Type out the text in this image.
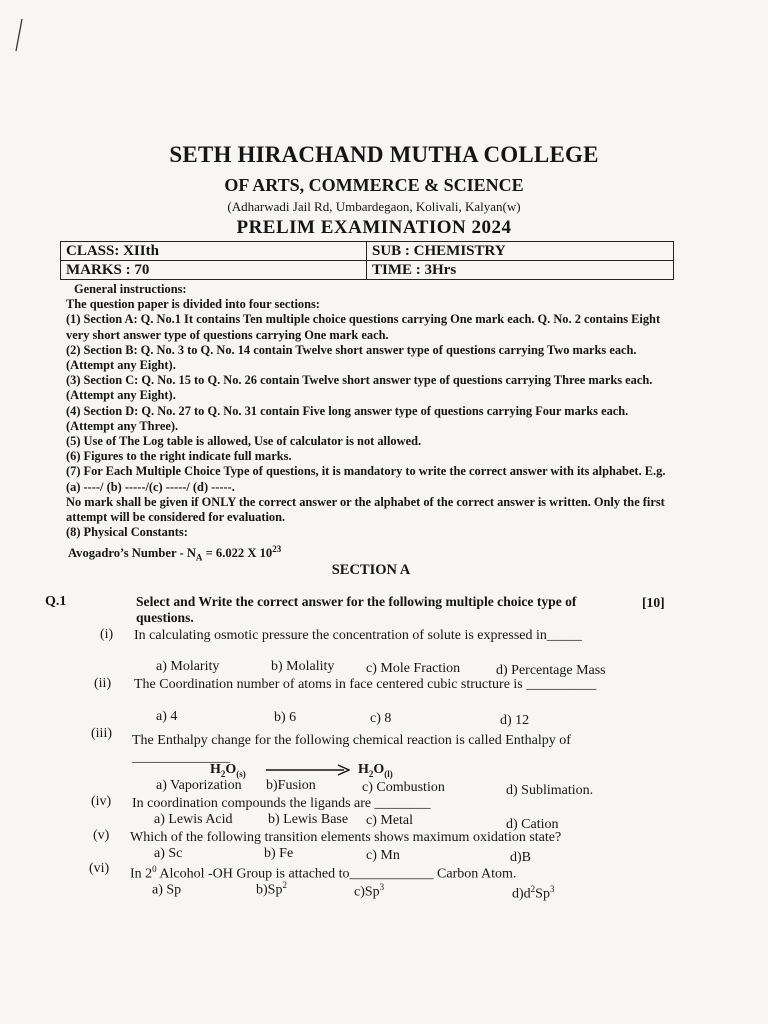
SETH HIRACHAND MUTHA COLLEGE
OF ARTS, COMMERCE & SCIENCE
(Adharwadi Jail Rd, Umbardegaon, Kolivali, Kalyan(w)
PRELIM EXAMINATION 2024
CLASS: XIIth	SUB : CHEMISTRY
MARKS : 70	TIME : 3Hrs

General instructions:

The question paper is divided into four sections:

(1) Section A: Q. No.1 It contains Ten multiple choice questions carrying One mark each. Q. No. 2 contains Eight very short answer type of questions carrying One mark each.

(2) Section B: Q. No. 3 to Q. No. 14 contain Twelve short answer type of questions carrying Two marks each. (Attempt any Eight).

(3) Section C: Q. No. 15 to Q. No. 26 contain Twelve short answer type of questions carrying Three marks each. (Attempt any Eight).

(4) Section D: Q. No. 27 to Q. No. 31 contain Five long answer type of questions carrying Four marks each. (Attempt any Three).

(5) Use of The Log table is allowed, Use of calculator is not allowed.

(6) Figures to the right indicate full marks.

(7) For Each Multiple Choice Type of questions, it is mandatory to write the correct answer with its alphabet. E.g. (a) ----/ (b) -----/(c) -----/ (d) -----.

No mark shall be given if ONLY the correct answer or the alphabet of the correct answer is written. Only the first attempt will be considered for evaluation.

(8) Physical Constants:

Avogadro’s Number - $N_A = 6.022$ X $10^{23}$
SECTION A
Q.1	Select and Write the correct answer for the following multiple choice type of questions.
[10]
(i) In calculating osmotic pressure the concentration of solute is expressed in_____
a) Molarity	b) Molality c) Mole Fraction	d) Percentage Mass
(ii) The Coordination number of atoms in face centered cubic structure is __________
a) 4	b) 6	c) 8	d) 12
(iii) The Enthalpy change for the following chemical reaction is called Enthalpy of ______________
$H_2O_{(s)}$	$H_2O_{(l)}$
a) Vaporization b)Fusion	c) Combustion	d) Sublimation.
(iv) In coordination compounds the ligands are ________
a) Lewis Acid	b) Lewis Base c) Metal	d) Cation
(v) Which of the following transition elements shows maximum oxidation state?
a) Sc	b) Fe	c) Mn	d)B
(vi) In $2^0$ Alcohol -OH Group is attached to____________ Carbon Atom.
a) Sp	b)Sp$^2$	c)Sp$^3$	$d)d^2Sp^3$
